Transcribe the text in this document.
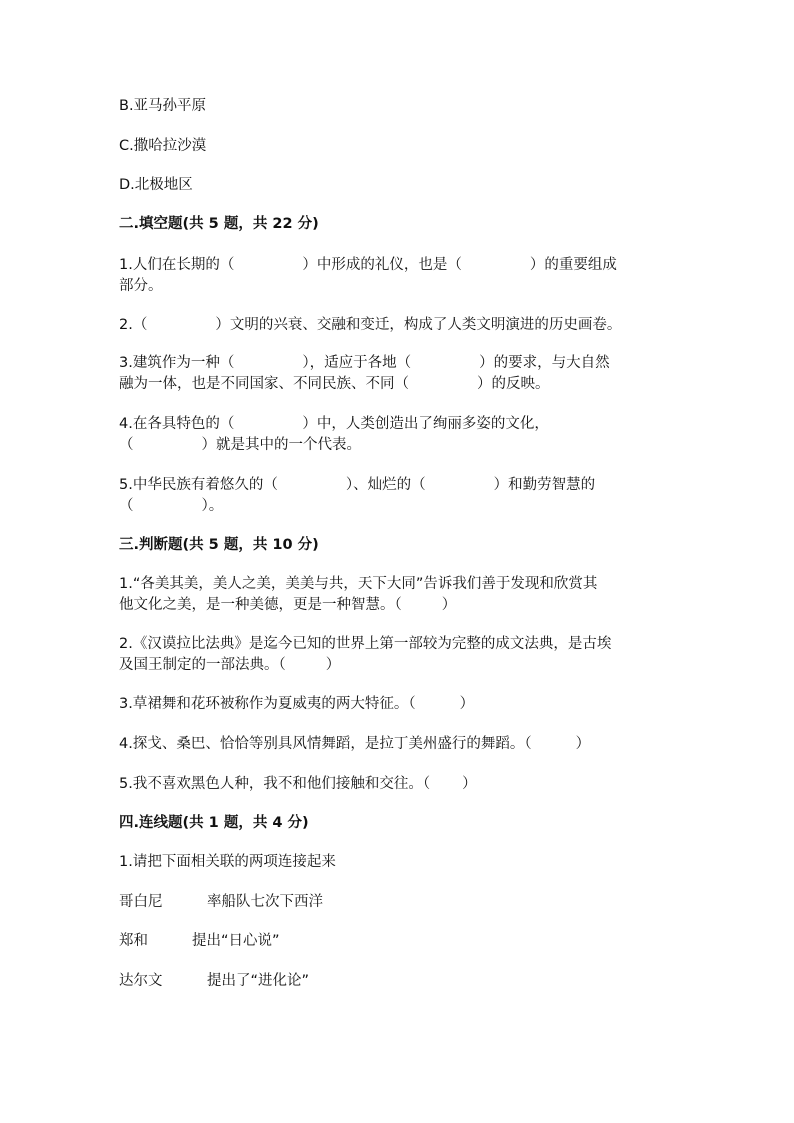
B.亚马孙平原
C.撒哈拉沙漠
D.北极地区
二.填空题(共 5 题，共 22 分)
1.人们在长期的（	）中形成的礼仪，也是（	）的重要组成
部分。
2.（	）文明的兴衰、交融和变迁，构成了人类文明演进的历史画卷。
3.建筑作为一种（	），适应于各地（	）的要求，与大自然
融为一体，也是不同国家、不同民族、不同（	）的反映。
4.在各具特色的（	）中，人类创造出了绚丽多姿的文化，
（	）就是其中的一个代表。
5.中华民族有着悠久的（	）、灿烂的（	）和勤劳智慧的
（	）。
三.判断题(共 5 题，共 10 分)
1.“各美其美，美人之美，美美与共，天下大同”告诉我们善于发现和欣赏其
他文化之美，是一种美德，更是一种智慧。（	）
2.《汉谟拉比法典》是迄今已知的世界上第一部较为完整的成文法典，是古埃
及国王制定的一部法典。（	）
3.草裙舞和花环被称作为夏威夷的两大特征。（	）
4.探戈、桑巴、恰恰等别具风情舞蹈，是拉丁美州盛行的舞蹈。（	）
5.我不喜欢黑色人种，我不和他们接触和交往。（ ）
四.连线题(共 1 题，共 4 分)
1.请把下面相关联的两项连接起来
哥白尼	率船队七次下西洋
郑和	提出“日心说”
达尔文	提出了“进化论”
